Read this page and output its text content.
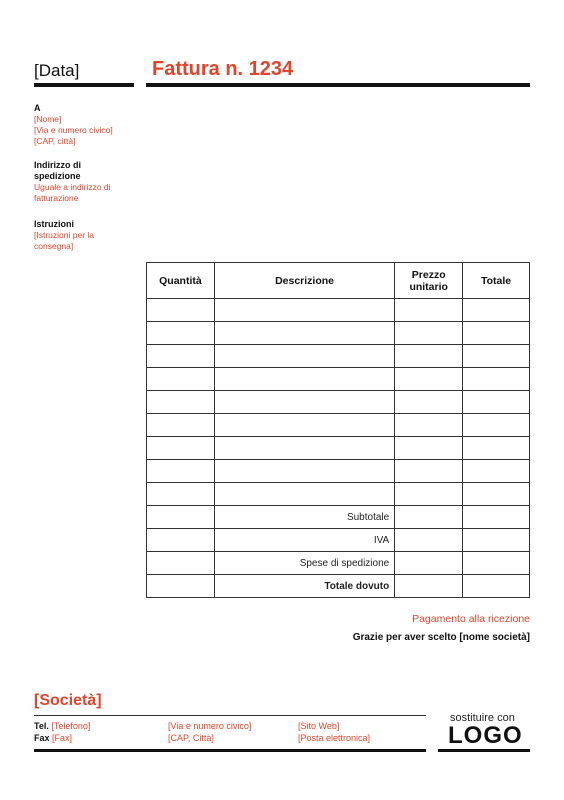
[Data]	Fattura n. 1234
A
[Nome]
[Via e numero civico]
[CAP, città]
Indirizzo di spedizione
Uguale a indirizzo di fatturazione
Istruzioni
[Istruzioni per la consegna]
Quantità	Descrizione	Prezzo unitario	Totale

	Subtotale		
	IVA		
	Spese di spedizione		
	Totale dovuto		
Pagamento alla ricezione
Grazie per aver scelto [nome società]
[Società]
Tel. [Telefono]
Fax [Fax]
[Via e numero civico]
[CAP, Città]
[Sito Web]
[Posta elettronica]
sostituire con
LOGO
